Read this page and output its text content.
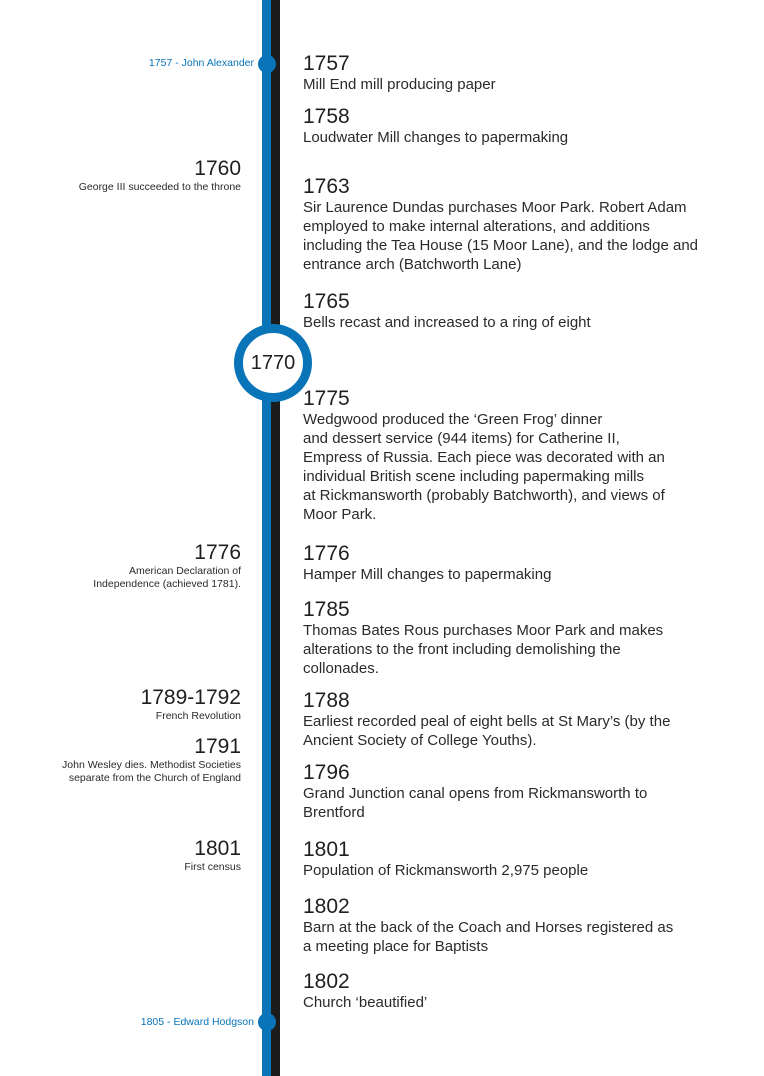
1757 - John Alexander
1805 - Edward Hodgson
1770
1760
George III succeeded to the throne
1776
American Declaration of
Independence (achieved 1781).
1789-1792
French Revolution
1791
John Wesley dies. Methodist Societies
separate from the Church of England
1801
First census
1757
Mill End mill producing paper
1758
Loudwater Mill changes to papermaking
1763
Sir Laurence Dundas purchases Moor Park. Robert Adam employed to make internal alterations, and additions including the Tea House (15 Moor Lane), and the lodge and entrance arch (Batchworth Lane)
1765
Bells recast and increased to a ring of eight
1775
Wedgwood produced the ‘Green Frog’ dinner
and dessert service (944 items) for Catherine II,
Empress of Russia. Each piece was decorated with an
individual British scene including papermaking mills
at Rickmansworth (probably Batchworth), and views of
Moor Park.
1776
Hamper Mill changes to papermaking
1785
Thomas Bates Rous purchases Moor Park and makes
alterations to the front including demolishing the
collonades.
1788
Earliest recorded peal of eight bells at St Mary’s (by the
Ancient Society of College Youths).
1796
Grand Junction canal opens from Rickmansworth to
Brentford
1801
Population of Rickmansworth 2,975 people
1802
Barn at the back of the Coach and Horses registered as
a meeting place for Baptists
1802
Church ‘beautified’
